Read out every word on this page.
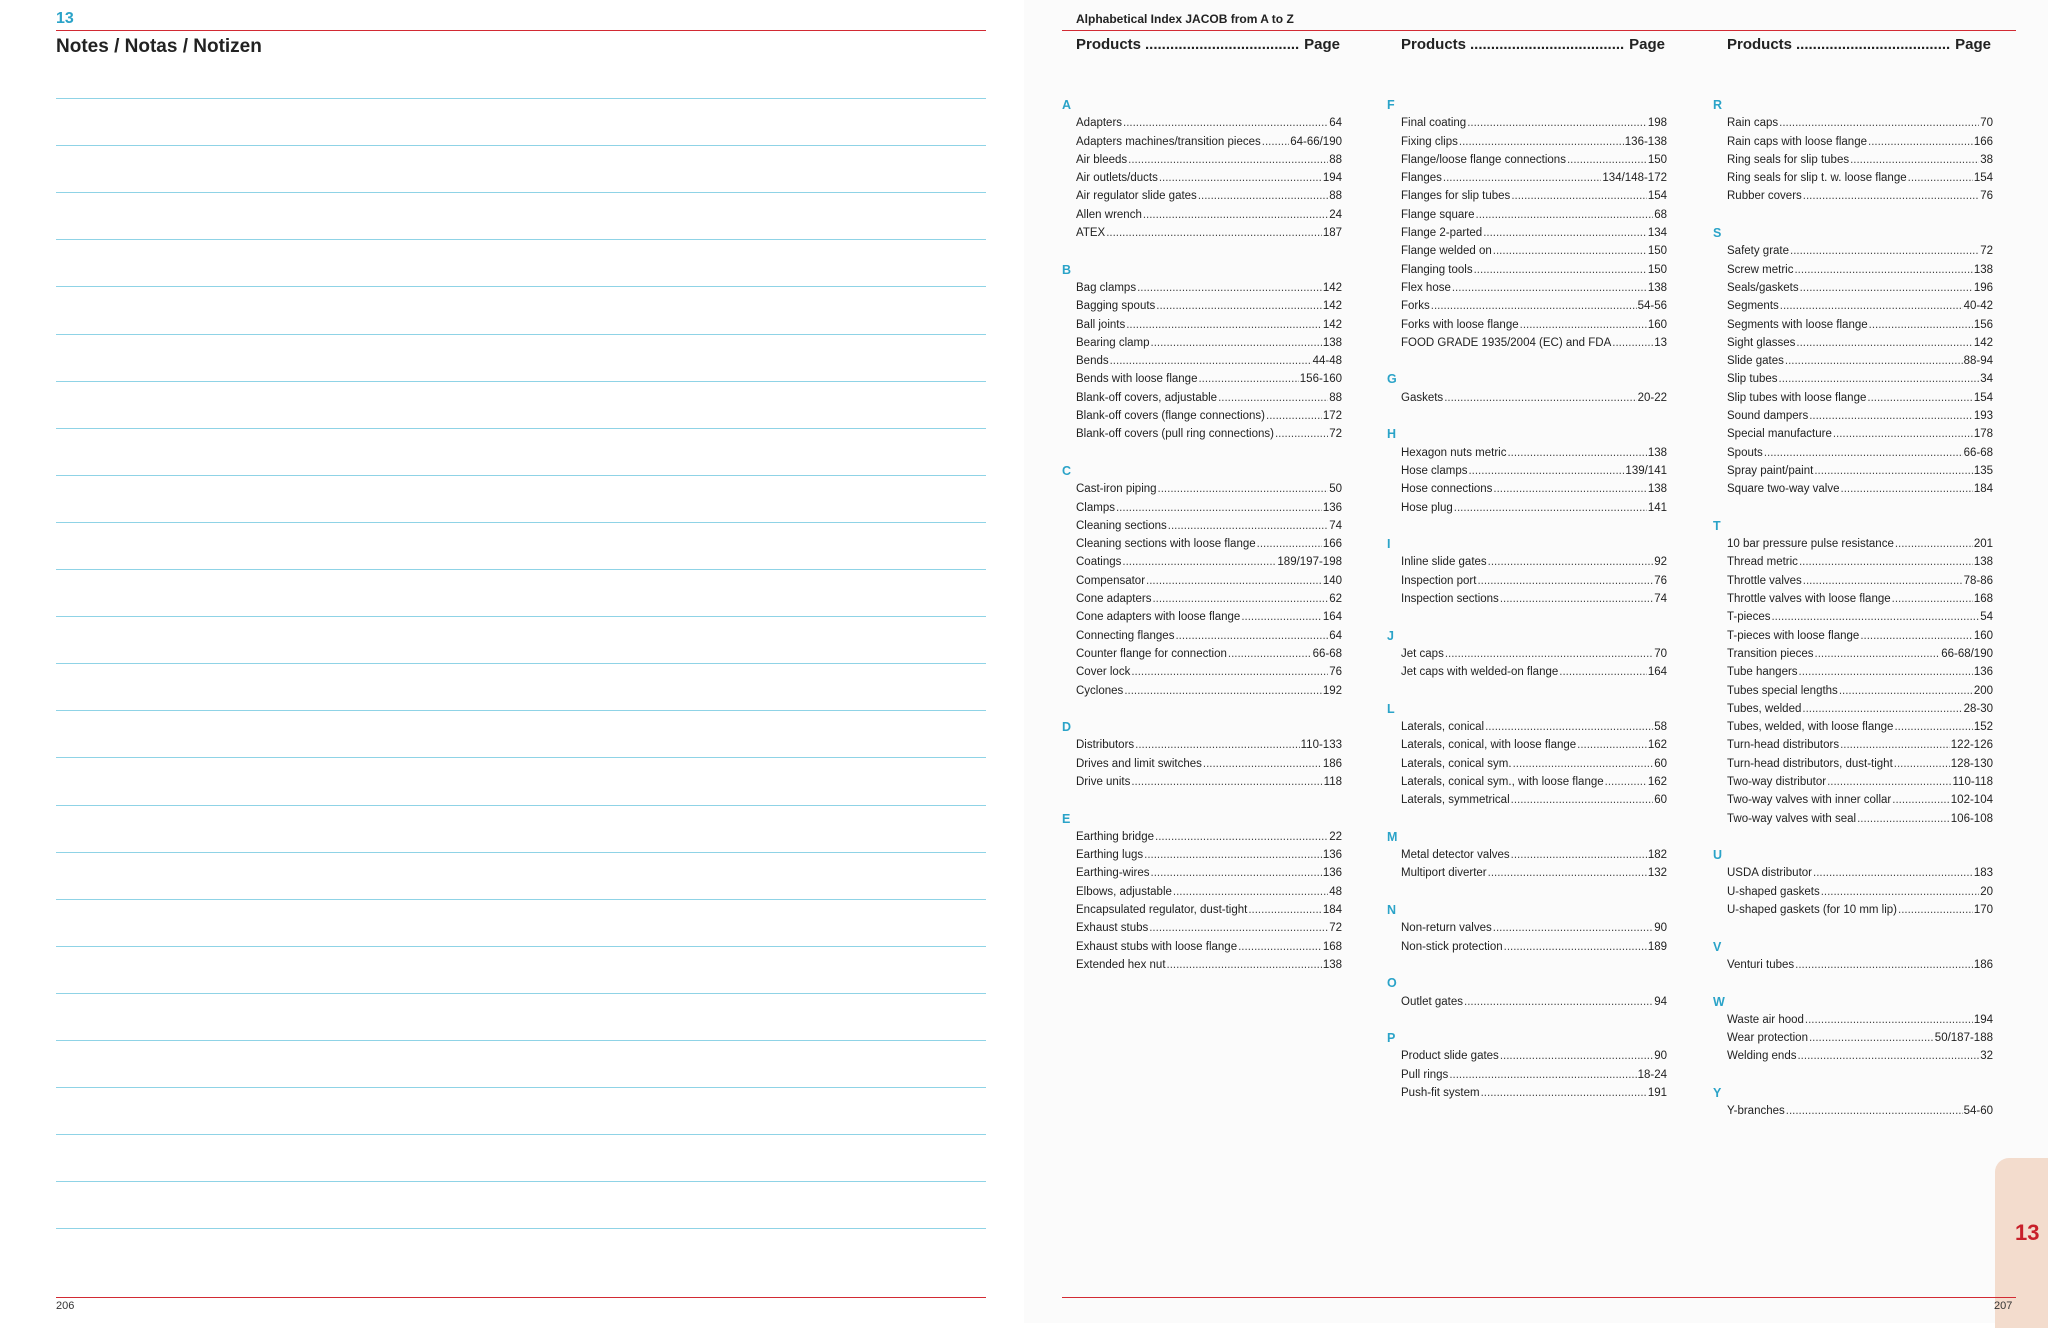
13
Notes / Notas / Notizen
206
Alphabetical Index JACOB from A to Z
Products .....	Page	Products .....	Page	Products .....	Page
A
Adapters .....	64
Adapters machines/transition pieces .....	64-66/190
Air bleeds .....	88
Air outlets/ducts .....	194
Air regulator slide gates .....	88
Allen wrench .....	24
ATEX .....	187
B
Bag clamps .....	142
Bagging spouts .....	142
Ball joints .....	142
Bearing clamp .....	138
Bends .....	44-48
Bends with loose flange .....	156-160
Blank-off covers, adjustable .....	88
Blank-off covers (flange connections) .....	172
Blank-off covers (pull ring connections) .....	72
C
Cast-iron piping .....	50
Clamps .....	136
Cleaning sections .....	74
Cleaning sections with loose flange .....	166
Coatings .....	189/197-198
Compensator .....	140
Cone adapters .....	62
Cone adapters with loose flange .....	164
Connecting flanges .....	64
Counter flange for connection .....	66-68
Cover lock .....	76
Cyclones .....	192
D
Distributors .....	110-133
Drives and limit switches .....	186
Drive units .....	118
E
Earthing bridge .....	22
Earthing lugs .....	136
Earthing-wires .....	136
Elbows, adjustable .....	48
Encapsulated regulator, dust-tight .....	184
Exhaust stubs .....	72
Exhaust stubs with loose flange .....	168
Extended hex nut .....	138
F
Final coating .....	198
Fixing clips .....	136-138
Flange/loose flange connections .....	150
Flanges .....	134/148-172
Flanges for slip tubes .....	154
Flange square .....	68
Flange 2-parted .....	134
Flange welded on .....	150
Flanging tools .....	150
Flex hose .....	138
Forks .....	54-56
Forks with loose flange .....	160
FOOD GRADE 1935/2004 (EC) and FDA .....	13
G
Gaskets .....	20-22
H
Hexagon nuts metric .....	138
Hose clamps .....	139/141
Hose connections .....	138
Hose plug .....	141
I
Inline slide gates .....	92
Inspection port .....	76
Inspection sections .....	74
J
Jet caps .....	70
Jet caps with welded-on flange .....	164
L
Laterals, conical .....	58
Laterals, conical, with loose flange .....	162
Laterals, conical sym. .....	60
Laterals, conical sym., with loose flange .....	162
Laterals, symmetrical .....	60
M
Metal detector valves .....	182
Multiport diverter .....	132
N
Non-return valves .....	90
Non-stick protection .....	189
O
Outlet gates .....	94
P
Product slide gates .....	90
Pull rings .....	18-24
Push-fit system .....	191
R
Rain caps .....	70
Rain caps with loose flange .....	166
Ring seals for slip tubes .....	38
Ring seals for slip t. w. loose flange .....	154
Rubber covers .....	76
S
Safety grate .....	72
Screw metric .....	138
Seals/gaskets .....	196
Segments .....	40-42
Segments with loose flange .....	156
Sight glasses .....	142
Slide gates .....	88-94
Slip tubes .....	34
Slip tubes with loose flange .....	154
Sound dampers .....	193
Special manufacture .....	178
Spouts .....	66-68
Spray paint/paint .....	135
Square two-way valve .....	184
T
10 bar pressure pulse resistance .....	201
Thread metric .....	138
Throttle valves .....	78-86
Throttle valves with loose flange .....	168
T-pieces .....	54
T-pieces with loose flange .....	160
Transition pieces .....	66-68/190
Tube hangers .....	136
Tubes special lengths .....	200
Tubes, welded .....	28-30
Tubes, welded, with loose flange .....	152
Turn-head distributors .....	122-126
Turn-head distributors, dust-tight .....	128-130
Two-way distributor .....	110-118
Two-way valves with inner collar .....	102-104
Two-way valves with seal .....	106-108
U
USDA distributor .....	183
U-shaped gaskets .....	20
U-shaped gaskets (for 10 mm lip) .....	170
V
Venturi tubes .....	186
W
Waste air hood .....	194
Wear protection .....	50/187-188
Welding ends .....	32
Y
Y-branches .....	54-60
13
207
